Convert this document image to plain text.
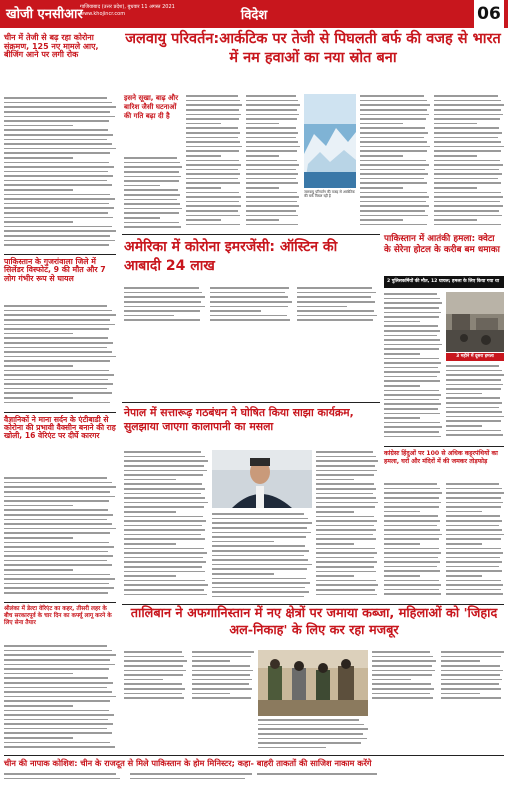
खोजी एनसीआर
गाजियाबाद (उत्तर प्रदेश), बुधवार 11 अगस्त 2021
www.khojincr.com	विदेश	06
चीन में तेजी से बढ़ रहा कोरोना संक्रमण, 125 नए मामले आए, बीजिंग आने पर लगी रोक
जलवायु परिवर्तन:आर्कटिक पर तेजी से पिघलती बर्फ की वजह से भारत में नम हवाओं का नया स्रोत बना
इसने सूखा, बाढ़ और बारिश जैसी घटनाओं की गति बढ़ा दी है
जलवायु परिवर्तन की वजह से आर्कटिक की बर्फ पिघल रही है
पाकिस्तान के गुजरांवाला जिले में सिलेंडर विस्फोट, 9 की मौत और 7 लोग गंभीर रूप से घायल
अमेरिका में कोरोना इमरजेंसी: ऑस्टिन की आबादी 24 लाख
पाकिस्तान में आतंकी हमला: क्वेटा के सेरेना होटल के करीब बम धमाका
2 पुलिसकर्मियों की मौत, 12 घायल; हमला के लिए किया गया था
3 महीने में दूसरा हमला
वैज्ञानिकों ने माना सर्दन के एंटीबाडी से कोरोना की प्रभावी वैक्सीन बनाने की राह खोली, 16 वेरिएंट पर दीर्घे कारगर
नेपाल में सत्तारूढ़ गठबंधन ने घोषित किया साझा कार्यक्रम, सुलझाया जाएगा कालापानी का मसला
कांग्रेसः हिंदुओं पर 100 से अधिक कट्टरपंथियों का हमला, घरों और मंदिरों में की जमकर तोड़फोड़
श्रीलंका में डेल्टा वेरिएंट का कहर, तीसरी लहर के बीच सरकारपूर्व के चार दिन का कर्फ्यू लागू करने के लिए सेना तैयार
तालिबान ने अफगानिस्तान में नए क्षेत्रों पर जमाया कब्जा, महिलाओं को 'जिहाद अल-निकाह' के लिए कर रहा मजबूर
चीन की नापाक कोशिश: चीन के राजदूत से मिले पाकिस्तान के होम मिनिस्टर; कहा- बाहरी ताकतों की साजिश नाकाम करेंगे
